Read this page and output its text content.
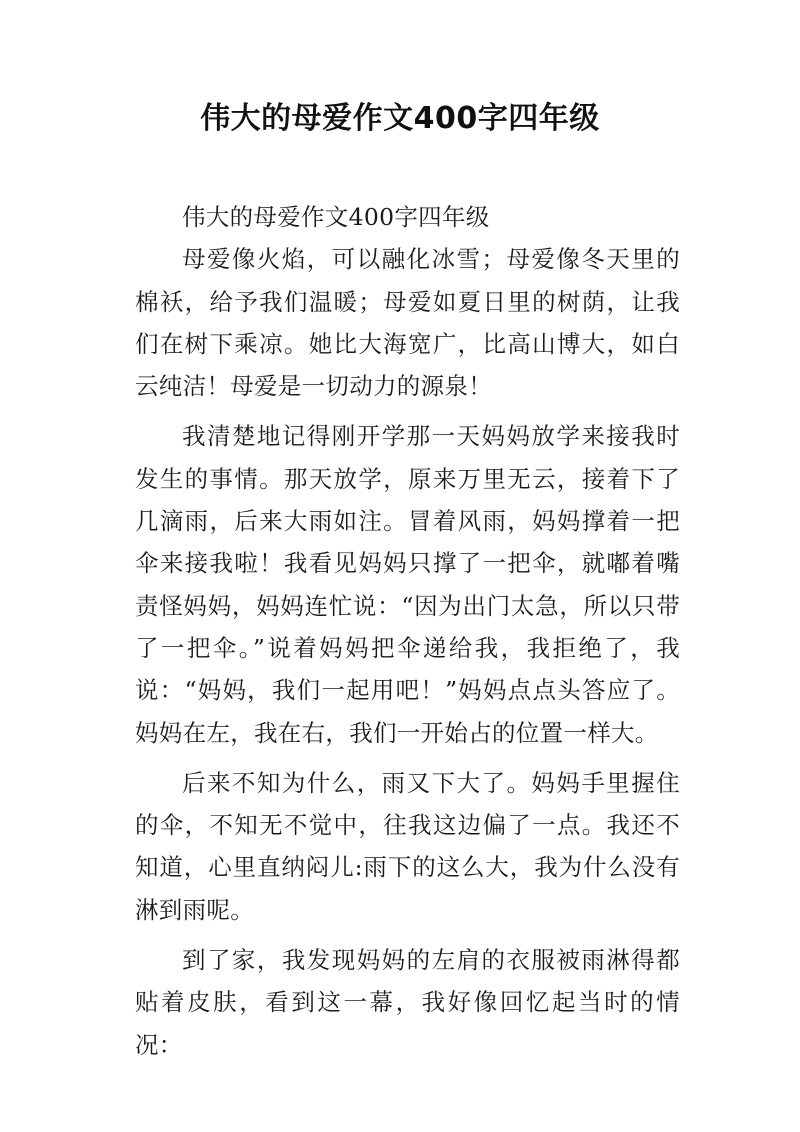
伟大的母爱作文400字四年级

伟大的母爱作文400字四年级

母爱像火焰，可以融化冰雪；母爱像冬天里的棉袄，给予我们温暖；母爱如夏日里的树荫，让我们在树下乘凉。她比大海宽广，比高山博大，如白云纯洁！母爱是一切动力的源泉！

我清楚地记得刚开学那一天妈妈放学来接我时发生的事情。那天放学，原来万里无云，接着下了几滴雨，后来大雨如注。冒着风雨，妈妈撑着一把伞来接我啦！我看见妈妈只撑了一把伞，就嘟着嘴责怪妈妈，妈妈连忙说：“因为出门太急，所以只带了一把伞。”说着妈妈把伞递给我，我拒绝了，我说：“妈妈，我们一起用吧！”妈妈点点头答应了。妈妈在左，我在右，我们一开始占的位置一样大。

后来不知为什么，雨又下大了。妈妈手里握住的伞，不知无不觉中，往我这边偏了一点。我还不知道，心里直纳闷儿:雨下的这么大，我为什么没有淋到雨呢。

到了家，我发现妈妈的左肩的衣服被雨淋得都贴着皮肤，看到这一幕，我好像回忆起当时的情况：
